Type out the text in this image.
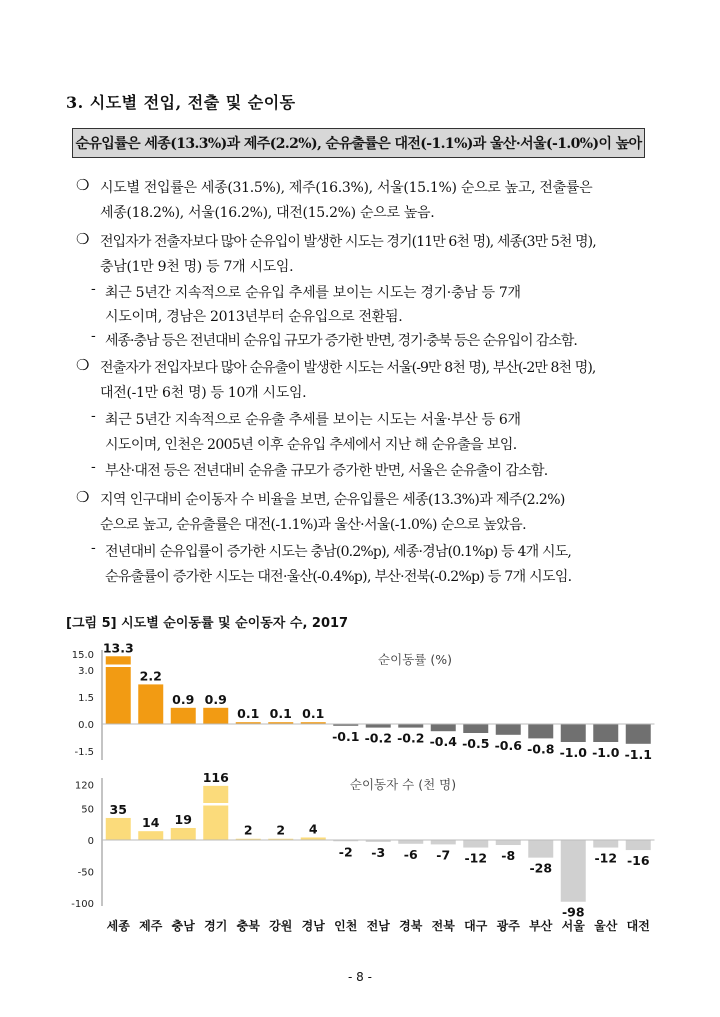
3. 시도별 전입, 전출 및 순이동
순유입률은 세종(13.3%)과 제주(2.2%), 순유출률은 대전(-1.1%)과 울산·서울(-1.0%)이 높아
❍
❍
-
-
❍
-
-
❍
-
시도별 전입률은 세종(31.5%), 제주(16.3%), 서울(15.1%) 순으로 높고, 전출률은
세종(18.2%), 서울(16.2%), 대전(15.2%) 순으로 높음.
전입자가 전출자보다 많아 순유입이 발생한 시도는 경기(11만 6천 명), 세종(3만 5천 명),
충남(1만 9천 명) 등 7개 시도임.
최근 5년간 지속적으로 순유입 추세를 보이는 시도는 경기·충남 등 7개
시도이며, 경남은 2013년부터 순유입으로 전환됨.
세종·충남 등은 전년대비 순유입 규모가 증가한 반면, 경기·충북 등은 순유입이 감소함.
전출자가 전입자보다 많아 순유출이 발생한 시도는 서울(-9만 8천 명), 부산(-2만 8천 명),
대전(-1만 6천 명) 등 10개 시도임.
최근 5년간 지속적으로 순유출 추세를 보이는 시도는 서울·부산 등 6개
시도이며, 인천은 2005년 이후 순유입 추세에서 지난 해 순유출을 보임.
부산·대전 등은 전년대비 순유출 규모가 증가한 반면, 서울은 순유출이 감소함.
지역 인구대비 순이동자 수 비율을 보면, 순유입률은 세종(13.3%)과 제주(2.2%)
순으로 높고, 순유출률은 대전(-1.1%)과 울산·서울(-1.0%) 순으로 높았음.
전년대비 순유입률이 증가한 시도는 충남(0.2%p), 세종·경남(0.1%p) 등 4개 시도,
순유출률이 증가한 시도는 대전·울산(-0.4%p), 부산·전북(-0.2%p) 등 7개 시도임.
[그림 5] 시도별 순이동률 및 순이동자 수, 2017
15.0
3.0
1.5
0.0
-1.5
13.3
2.2
0.9 0.9
0.1 0.1 0.1
-0.1 -0.2 -0.2 -0.4 -0.5 -0.6 -0.8 -1.0 -1.0 -1.1
순이동률 (%)
120
50
0
-50
-100
35
14 19
116
2 2 4
-2 -3 -6 -7 -12 -8
-28
-98
-12 -16
순이동자 수 (천 명)
세종 제주 충남 경기 충북 강원 경남 인천 전남 경북 전북 대구 광주 부산 서울 울산 대전
- 8 -
